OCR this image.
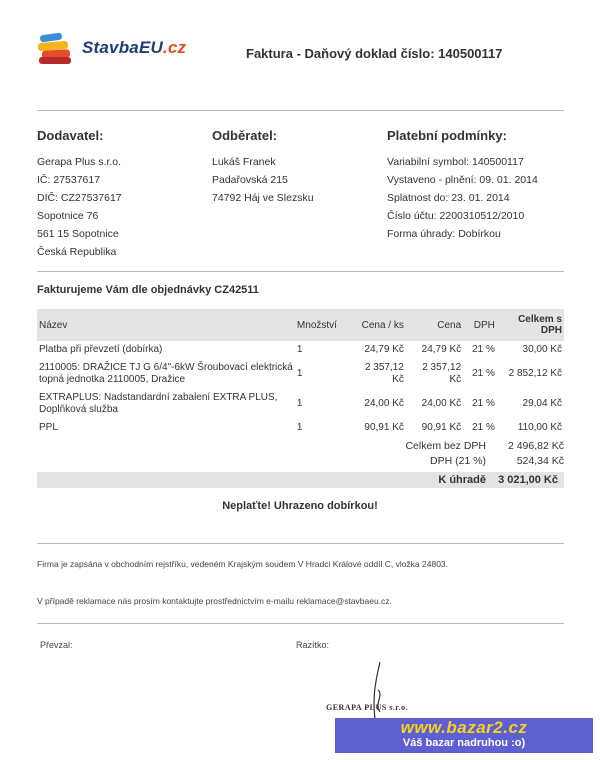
StavbaEU.cz	Faktura - Daňový doklad číslo: 140500117
Dodavatel:
Gerapa Plus s.r.o.
IČ: 27537617
DIČ: CZ27537617
Sopotnice 76
561 15 Sopotnice
Česká Republika
Odběratel:
Lukáš Franek
Padařovská 215
74792 Háj ve Slezsku
Platební podmínky:
Variabilní symbol: 140500117
Vystaveno - plnění: 09. 01. 2014
Splatnost do: 23. 01. 2014
Číslo účtu: 2200310512/2010
Forma úhrady: Dobírkou
Fakturujeme Vám dle objednávky CZ42511
Název	Množství	Cena / ks	Cena	DPH	Celkem s DPH
Platba při převzetí (dobírka)	1	24,79 Kč	24,79 Kč	21 %	30,00 Kč
2110005: DRAŽICE TJ G 6/4"-6kW Šroubovací elektrická topná jednotka 2110005, Dražice	1	2 357,12 Kč	2 357,12 Kč	21 %	2 852,12 Kč
EXTRAPLUS: Nadstandardní zabalení EXTRA PLUS, Doplňková služba	1	24,00 Kč	24,00 Kč	21 %	29,04 Kč
PPL	1	90,91 Kč	90,91 Kč	21 %	110,00 Kč
Celkem bez DPH	2 496,82 Kč
DPH (21 %)	524,34 Kč
K úhradě 3 021,00 Kč
Neplaťte! Uhrazeno dobírkou!
Firma je zapsána v obchodním rejstříku, vedeném Krajským soudem V Hradci Králové oddíl C, vložka 24803.
V případě reklamace nás prosím kontaktujte prostřednictvím e-mailu reklamace@stavbaeu.cz.
Převzal:	Razítko:
GERAPA PLUS s.r.o.
www.bazar2.cz
Váš bazar nadruhou :o)
